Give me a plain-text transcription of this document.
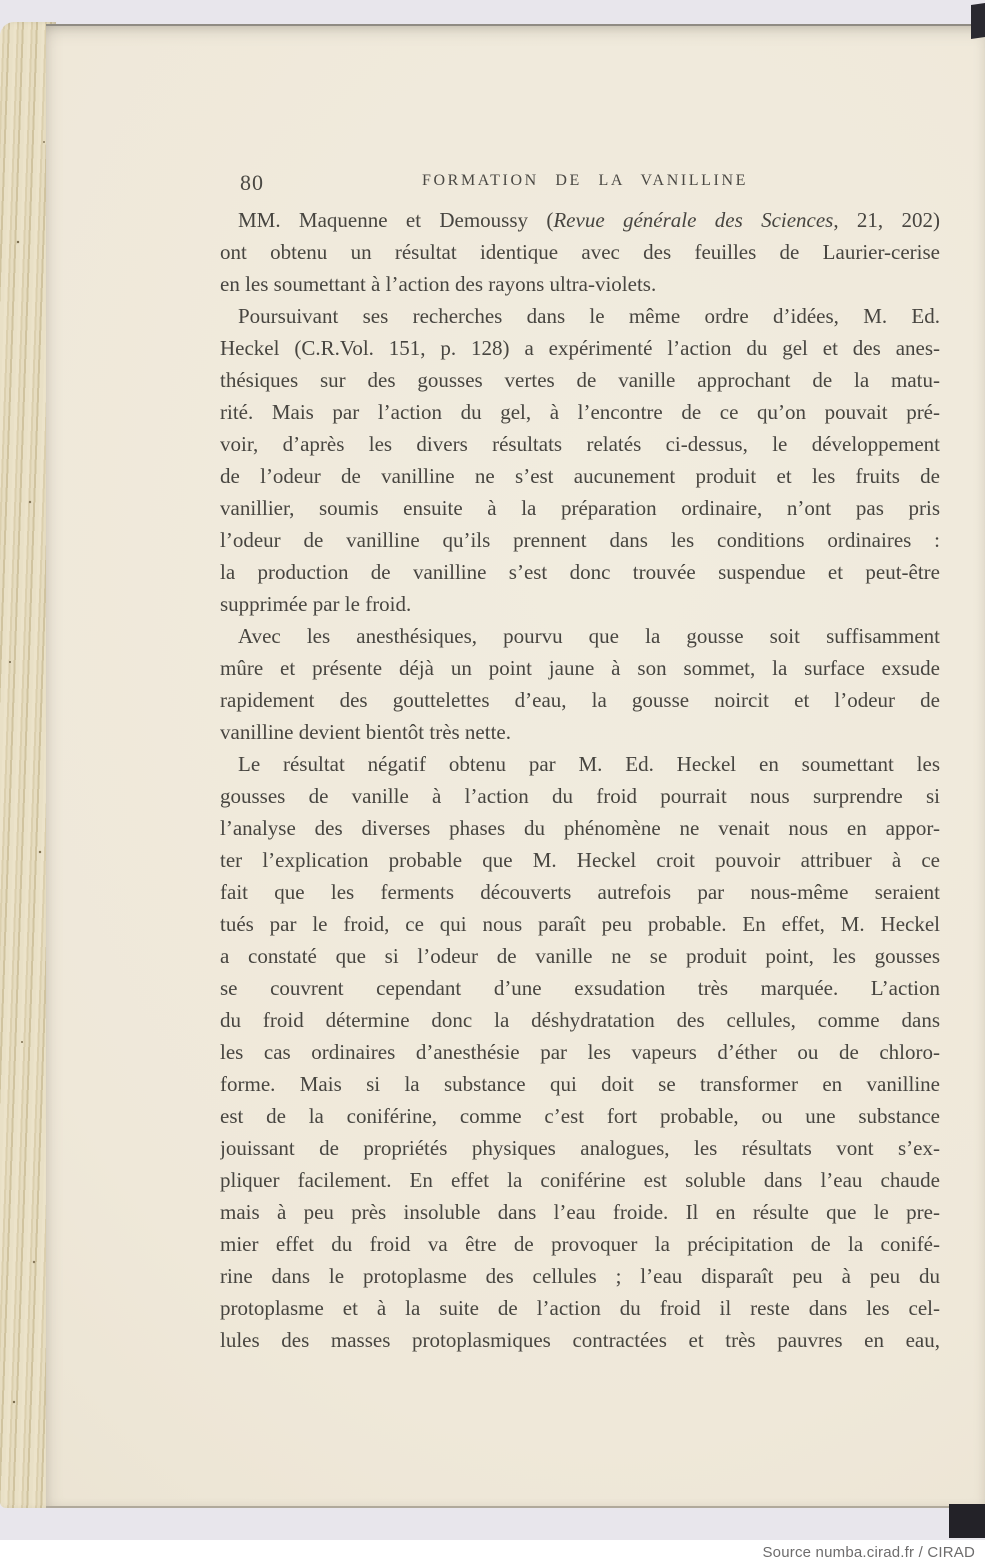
80	FORMATION DE LA VANILLINE
MM. Maquenne et Demoussy (Revue générale des Sciences, 21, 202)
ont obtenu un résultat identique avec des feuilles de Laurier-cerise
en les soumettant à l’action des rayons ultra-violets.
Poursuivant ses recherches dans le même ordre d’idées, M. Ed.
Heckel (C.R.Vol. 151, p. 128) a expérimenté l’action du gel et des anes-
thésiques sur des gousses vertes de vanille approchant de la matu-
rité. Mais par l’action du gel, à l’encontre de ce qu’on pouvait pré-
voir, d’après les divers résultats relatés ci-dessus, le développement
de l’odeur de vanilline ne s’est aucunement produit et les fruits de
vanillier, soumis ensuite à la préparation ordinaire, n’ont pas pris
l’odeur de vanilline qu’ils prennent dans les conditions ordinaires :
la production de vanilline s’est donc trouvée suspendue et peut-être
supprimée par le froid.
Avec les anesthésiques, pourvu que la gousse soit suffisamment
mûre et présente déjà un point jaune à son sommet, la surface exsude
rapidement des gouttelettes d’eau, la gousse noircit et l’odeur de
vanilline devient bientôt très nette.
Le résultat négatif obtenu par M. Ed. Heckel en soumettant les
gousses de vanille à l’action du froid pourrait nous surprendre si
l’analyse des diverses phases du phénomène ne venait nous en appor-
ter l’explication probable que M. Heckel croit pouvoir attribuer à ce
fait que les ferments découverts autrefois par nous-même seraient
tués par le froid, ce qui nous paraît peu probable. En effet, M. Heckel
a constaté que si l’odeur de vanille ne se produit point, les gousses
se couvrent cependant d’une exsudation très marquée. L’action
du froid détermine donc la déshydratation des cellules, comme dans
les cas ordinaires d’anesthésie par les vapeurs d’éther ou de chloro-
forme. Mais si la substance qui doit se transformer en vanilline
est de la coniférine, comme c’est fort probable, ou une substance
jouissant de propriétés physiques analogues, les résultats vont s’ex-
pliquer facilement. En effet la coniférine est soluble dans l’eau chaude
mais à peu près insoluble dans l’eau froide. Il en résulte que le pre-
mier effet du froid va être de provoquer la précipitation de la conifé-
rine dans le protoplasme des cellules ; l’eau disparaît peu à peu du
protoplasme et à la suite de l’action du froid il reste dans les cel-
lules des masses protoplasmiques contractées et très pauvres en eau,
Source numba.cirad.fr / CIRAD
